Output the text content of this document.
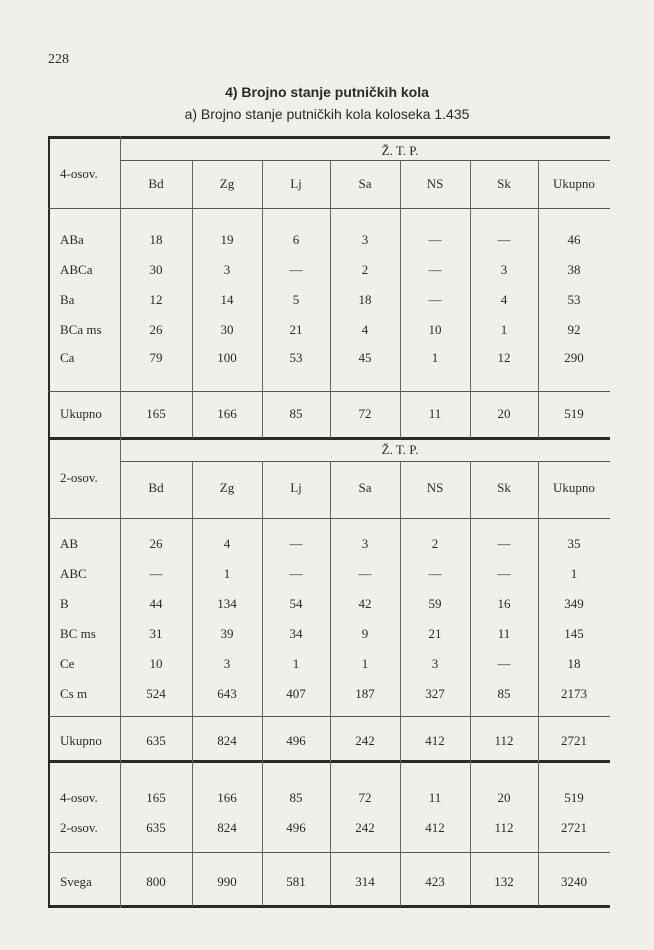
228
4) Brojno stanje putničkih kola
a) Brojno stanje putničkih kola koloseka 1.435
4-osov.
Ž. T. P.
Bd	Zg	Lj	Sa	NS	Sk	Ukupno
ABa	18	19	6	3	—	—	46
ABCa	30	3	—	2	—	3	38
Ba	12	14	5	18	—	4	53
BCa ms	26	30	21	4	10	1	92
Ca	79	100	53	45	1	12	290
Ukupno	165	166	85	72	11	20	519
2-osov.
Ž. T. P.
Bd	Zg	Lj	Sa	NS	Sk	Ukupno
AB	26	4	—	3	2	—	35
ABC	—	1	—	—	—	—	1
B	44	134	54	42	59	16	349
BC ms	31	39	34	9	21	11	145
Ce	10	3	1	1	3	—	18
Cs m	524	643	407	187	327	85	2173
Ukupno	635	824	496	242	412	112	2721
4-osov.	165	166	85	72	11	20	519
2-osov.	635	824	496	242	412	112	2721
Svega	800	990	581	314	423	132	3240
